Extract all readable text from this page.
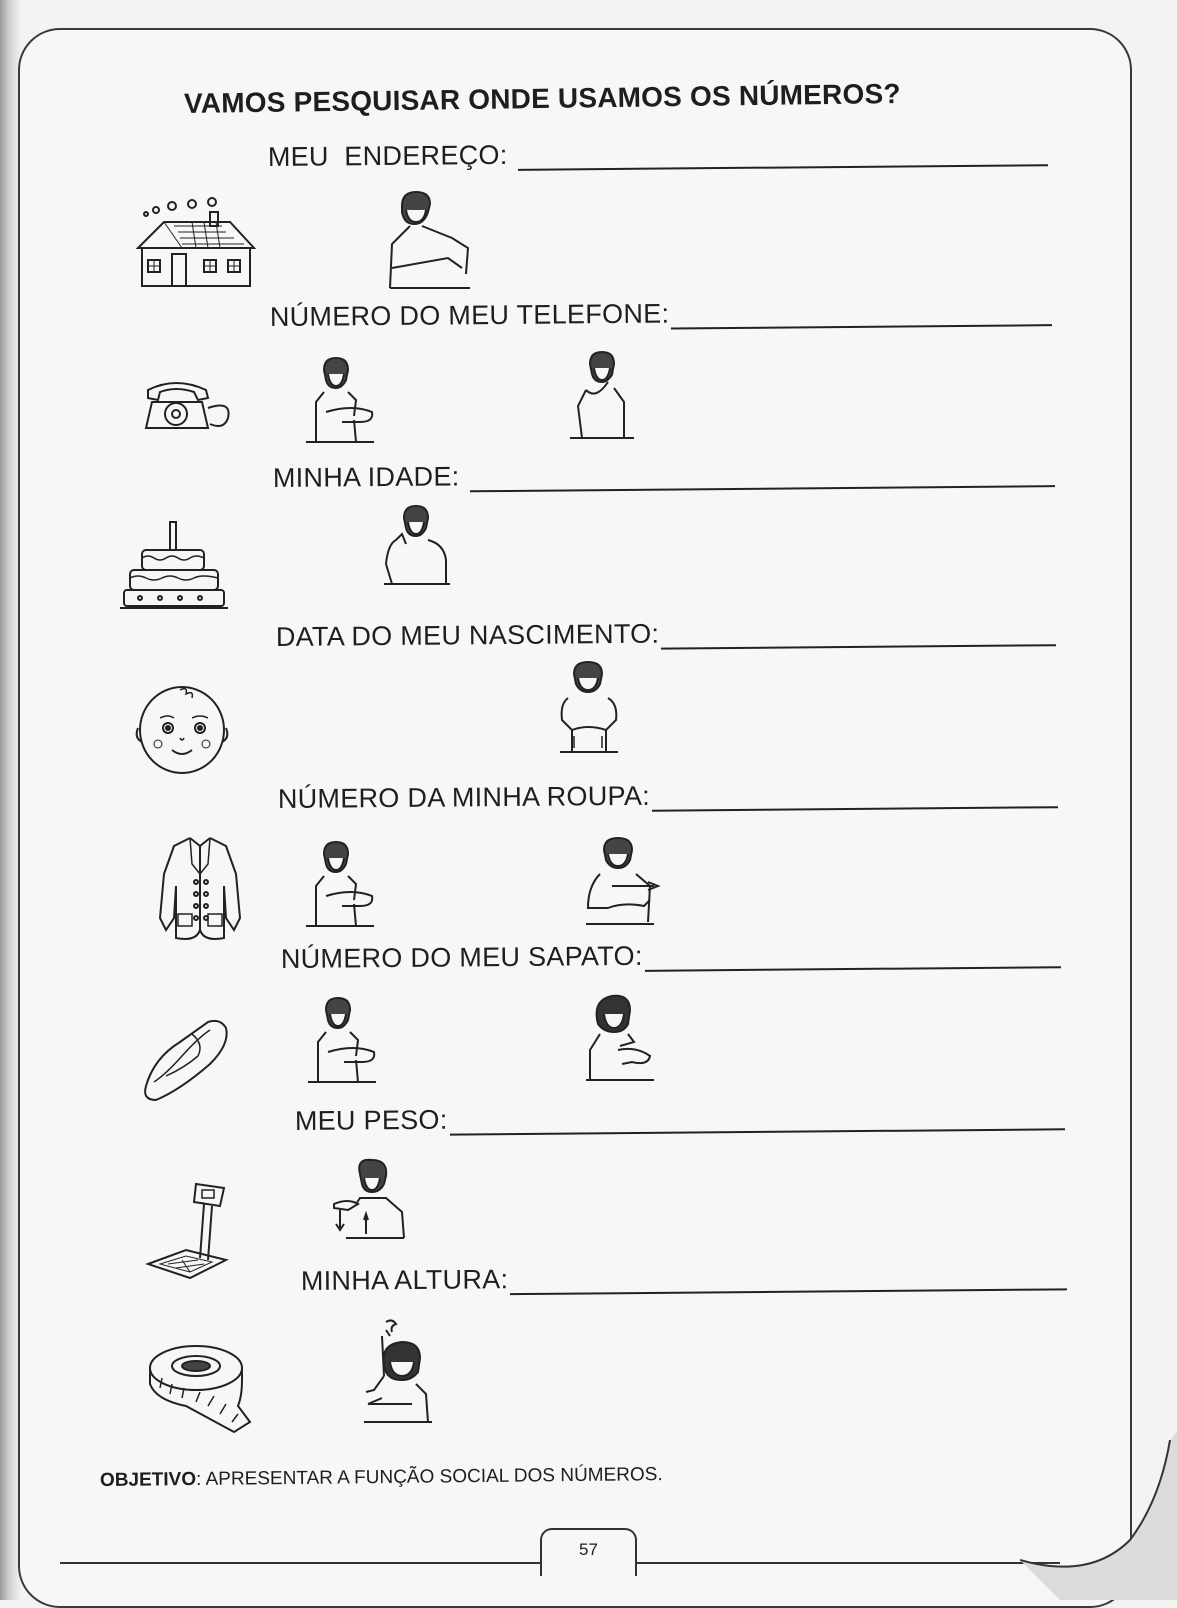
VAMOS PESQUISAR ONDE USAMOS OS NÚMEROS?
MEU  ENDEREÇO:
NÚMERO DO MEU TELEFONE:
MINHA IDADE:
DATA DO MEU NASCIMENTO:
NÚMERO DA MINHA ROUPA:
NÚMERO DO MEU SAPATO:
MEU PESO:
MINHA ALTURA:
OBJETIVO: APRESENTAR A FUNÇÃO SOCIAL DOS NÚMEROS.
57
